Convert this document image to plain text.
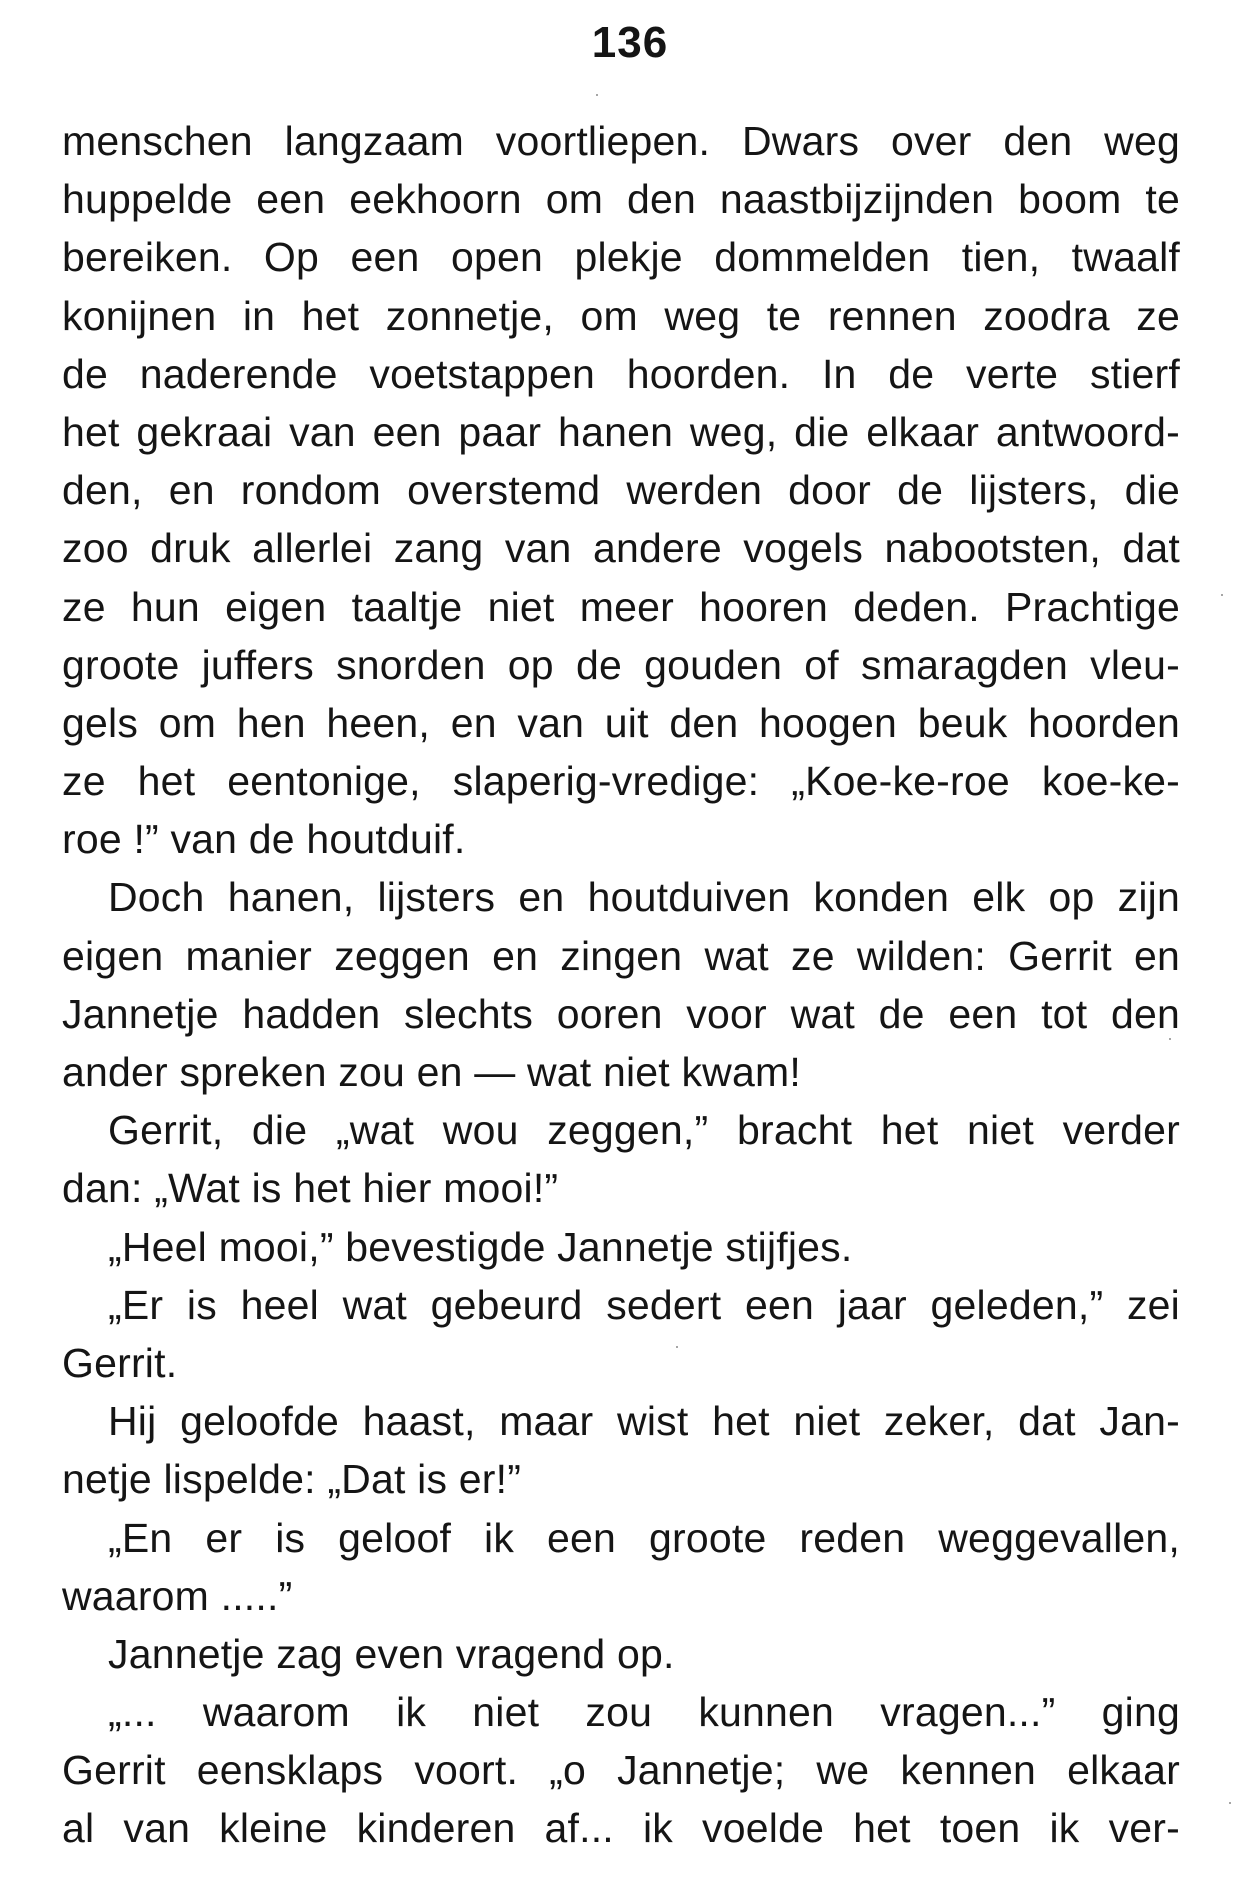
136
menschen langzaam voortliepen. Dwars over den weg
huppelde een eekhoorn om den naastbijzijnden boom te
bereiken. Op een open plekje dommelden tien, twaalf
konijnen in het zonnetje, om weg te rennen zoodra ze
de naderende voetstappen hoorden. In de verte stierf
het gekraai van een paar hanen weg, die elkaar antwoord-
den, en rondom overstemd werden door de lijsters, die
zoo druk allerlei zang van andere vogels nabootsten, dat
ze hun eigen taaltje niet meer hooren deden. Prachtige
groote juffers snorden op de gouden of smaragden vleu-
gels om hen heen, en van uit den hoogen beuk hoorden
ze het eentonige, slaperig-vredige: „Koe-ke-roe koe-ke-
roe !” van de houtduif.
Doch hanen, lijsters en houtduiven konden elk op zijn
eigen manier zeggen en zingen wat ze wilden: Gerrit en
Jannetje hadden slechts ooren voor wat de een tot den
ander spreken zou en — wat niet kwam!
Gerrit, die „wat wou zeggen,” bracht het niet verder
dan: „Wat is het hier mooi!”
„Heel mooi,” bevestigde Jannetje stijfjes.
„Er is heel wat gebeurd sedert een jaar geleden,” zei
Gerrit.
Hij geloofde haast, maar wist het niet zeker, dat Jan-
netje lispelde: „Dat is er!”
„En er is geloof ik een groote reden weggevallen,
waarom .....”
Jannetje zag even vragend op.
„... waarom ik niet zou kunnen vragen...” ging
Gerrit eensklaps voort. „o Jannetje; we kennen elkaar
al van kleine kinderen af... ik voelde het toen ik ver-
